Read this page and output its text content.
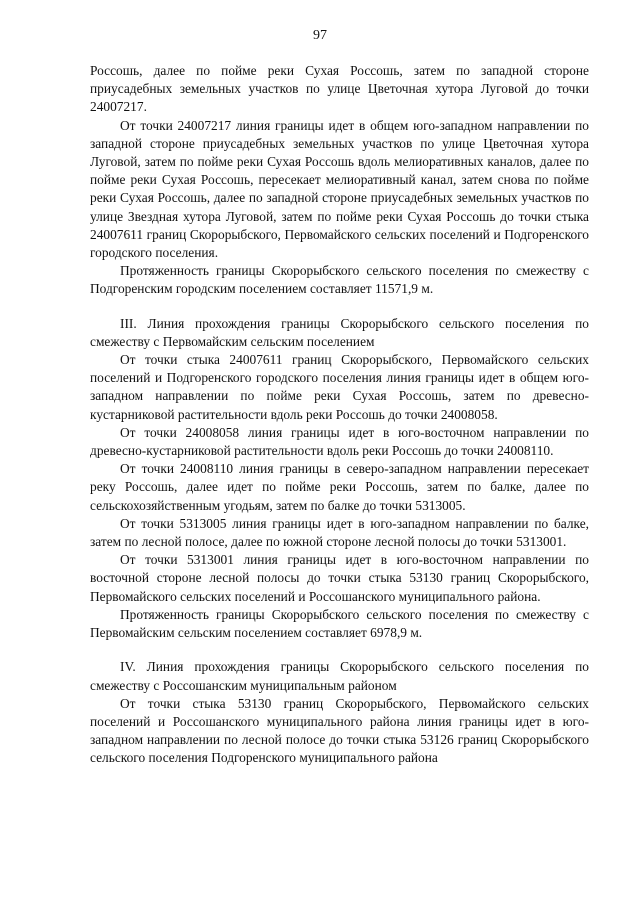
97

Россошь, далее по пойме реки Сухая Россошь, затем по западной стороне приусадебных земельных участков по улице Цветочная хутора Луговой до точки 24007217.

От точки 24007217 линия границы идет в общем юго-западном направлении по западной стороне приусадебных земельных участков по улице Цветочная хутора Луговой, затем по пойме реки Сухая Россошь вдоль мелиоративных каналов, далее по пойме реки Сухая Россошь, пересекает мелиоративный канал, затем снова по пойме реки Сухая Россошь, далее по западной стороне приусадебных земельных участков по улице Звездная хутора Луговой, затем по пойме реки Сухая Россошь до точки стыка 24007611 границ Скорорыбского, Первомайского сельских поселений и Подгоренского городского поселения.

Протяженность границы Скорорыбского сельского поселения по смежеству с Подгоренским городским поселением составляет 11571,9 м.

III. Линия прохождения границы Скорорыбского сельского поселения по смежеству с Первомайским сельским поселением

От точки стыка 24007611 границ Скорорыбского, Первомайского сельских поселений и Подгоренского городского поселения линия границы идет в общем юго-западном направлении по пойме реки Сухая Россошь, затем по древесно-кустарниковой растительности вдоль реки Россошь до точки 24008058.

От точки 24008058 линия границы идет в юго-восточном направлении по древесно-кустарниковой растительности вдоль реки Россошь до точки 24008110.

От точки 24008110 линия границы в северо-западном направлении пересекает реку Россошь, далее идет по пойме реки Россошь, затем по балке, далее по сельскохозяйственным угодьям, затем по балке до точки 5313005.

От точки 5313005 линия границы идет в юго-западном направлении по балке, затем по лесной полосе, далее по южной стороне лесной полосы до точки 5313001.

От точки 5313001 линия границы идет в юго-восточном направлении по восточной стороне лесной полосы до точки стыка 53130 границ Скорорыбского, Первомайского сельских поселений и Россошанского муниципального района.

Протяженность границы Скорорыбского сельского поселения по смежеству с Первомайским сельским поселением составляет 6978,9 м.

IV. Линия прохождения границы Скорорыбского сельского поселения по смежеству с Россошанским муниципальным районом

От точки стыка 53130 границ Скорорыбского, Первомайского сельских поселений и Россошанского муниципального района линия границы идет в юго-западном направлении по лесной полосе до точки стыка 53126 границ Скорорыбского сельского поселения Подгоренского муниципального района
